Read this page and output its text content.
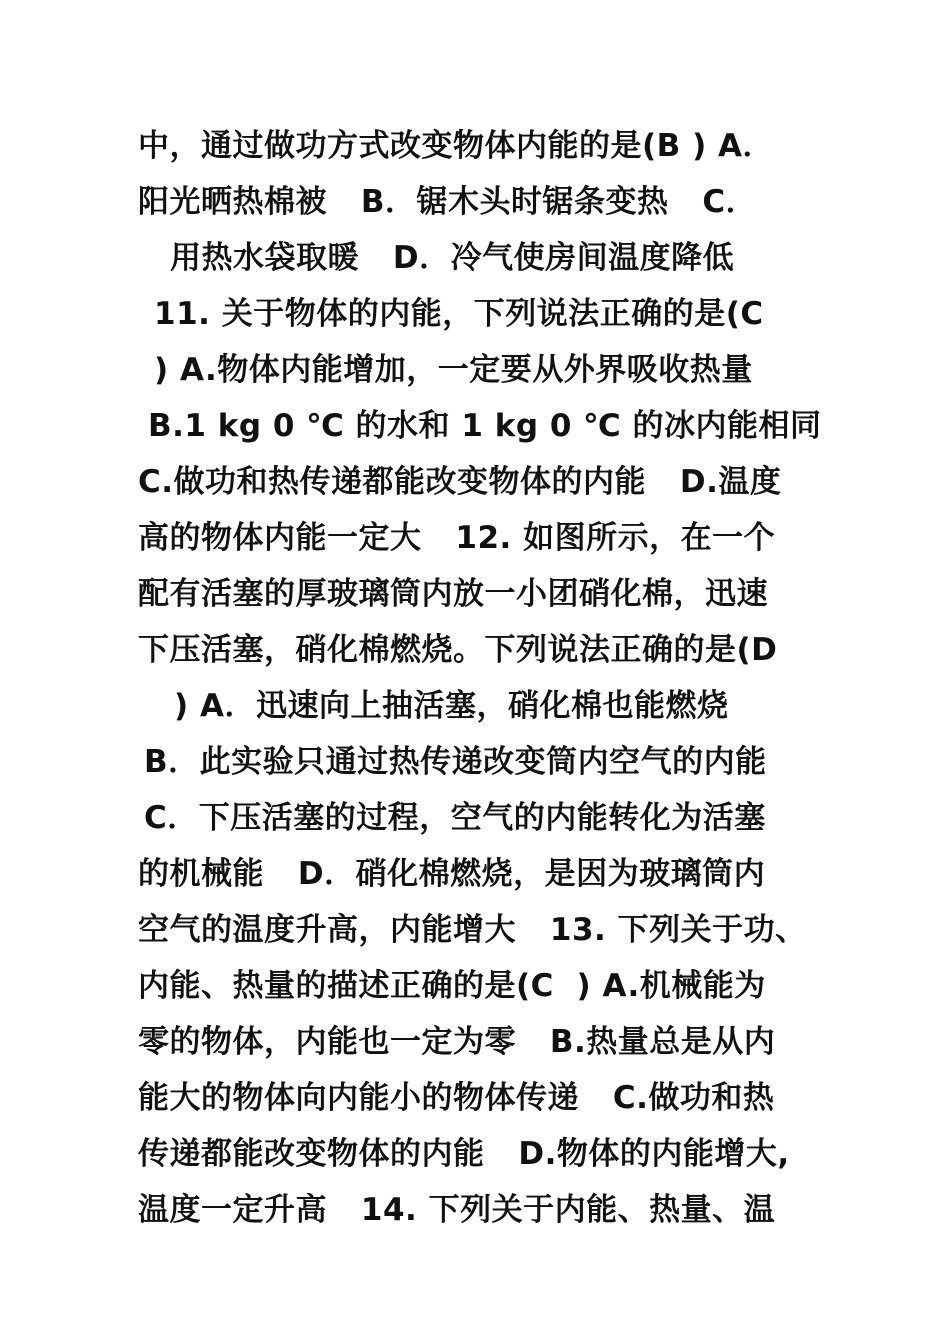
中，通过做功方式改变物体内能的是(B ) A．
阳光晒热棉被   B．锯木头时锯条变热   C．
用热水袋取暖   D．冷气使房间温度降低
11. 关于物体的内能，下列说法正确的是(C
) A.物体内能增加，一定要从外界吸收热量
B.1 kg 0 ℃ 的水和 1 kg 0 ℃ 的冰内能相同
C.做功和热传递都能改变物体的内能   D.温度
高的物体内能一定大   12. 如图所示，在一个
配有活塞的厚玻璃筒内放一小团硝化棉，迅速
下压活塞，硝化棉燃烧。下列说法正确的是(D
) A．迅速向上抽活塞，硝化棉也能燃烧
B．此实验只通过热传递改变筒内空气的内能
C．下压活塞的过程，空气的内能转化为活塞
的机械能   D．硝化棉燃烧，是因为玻璃筒内
空气的温度升高，内能增大   13. 下列关于功、
内能、热量的描述正确的是(C  ) A.机械能为
零的物体，内能也一定为零   B.热量总是从内
能大的物体向内能小的物体传递   C.做功和热
传递都能改变物体的内能   D.物体的内能增大,
温度一定升高   14. 下列关于内能、热量、温
